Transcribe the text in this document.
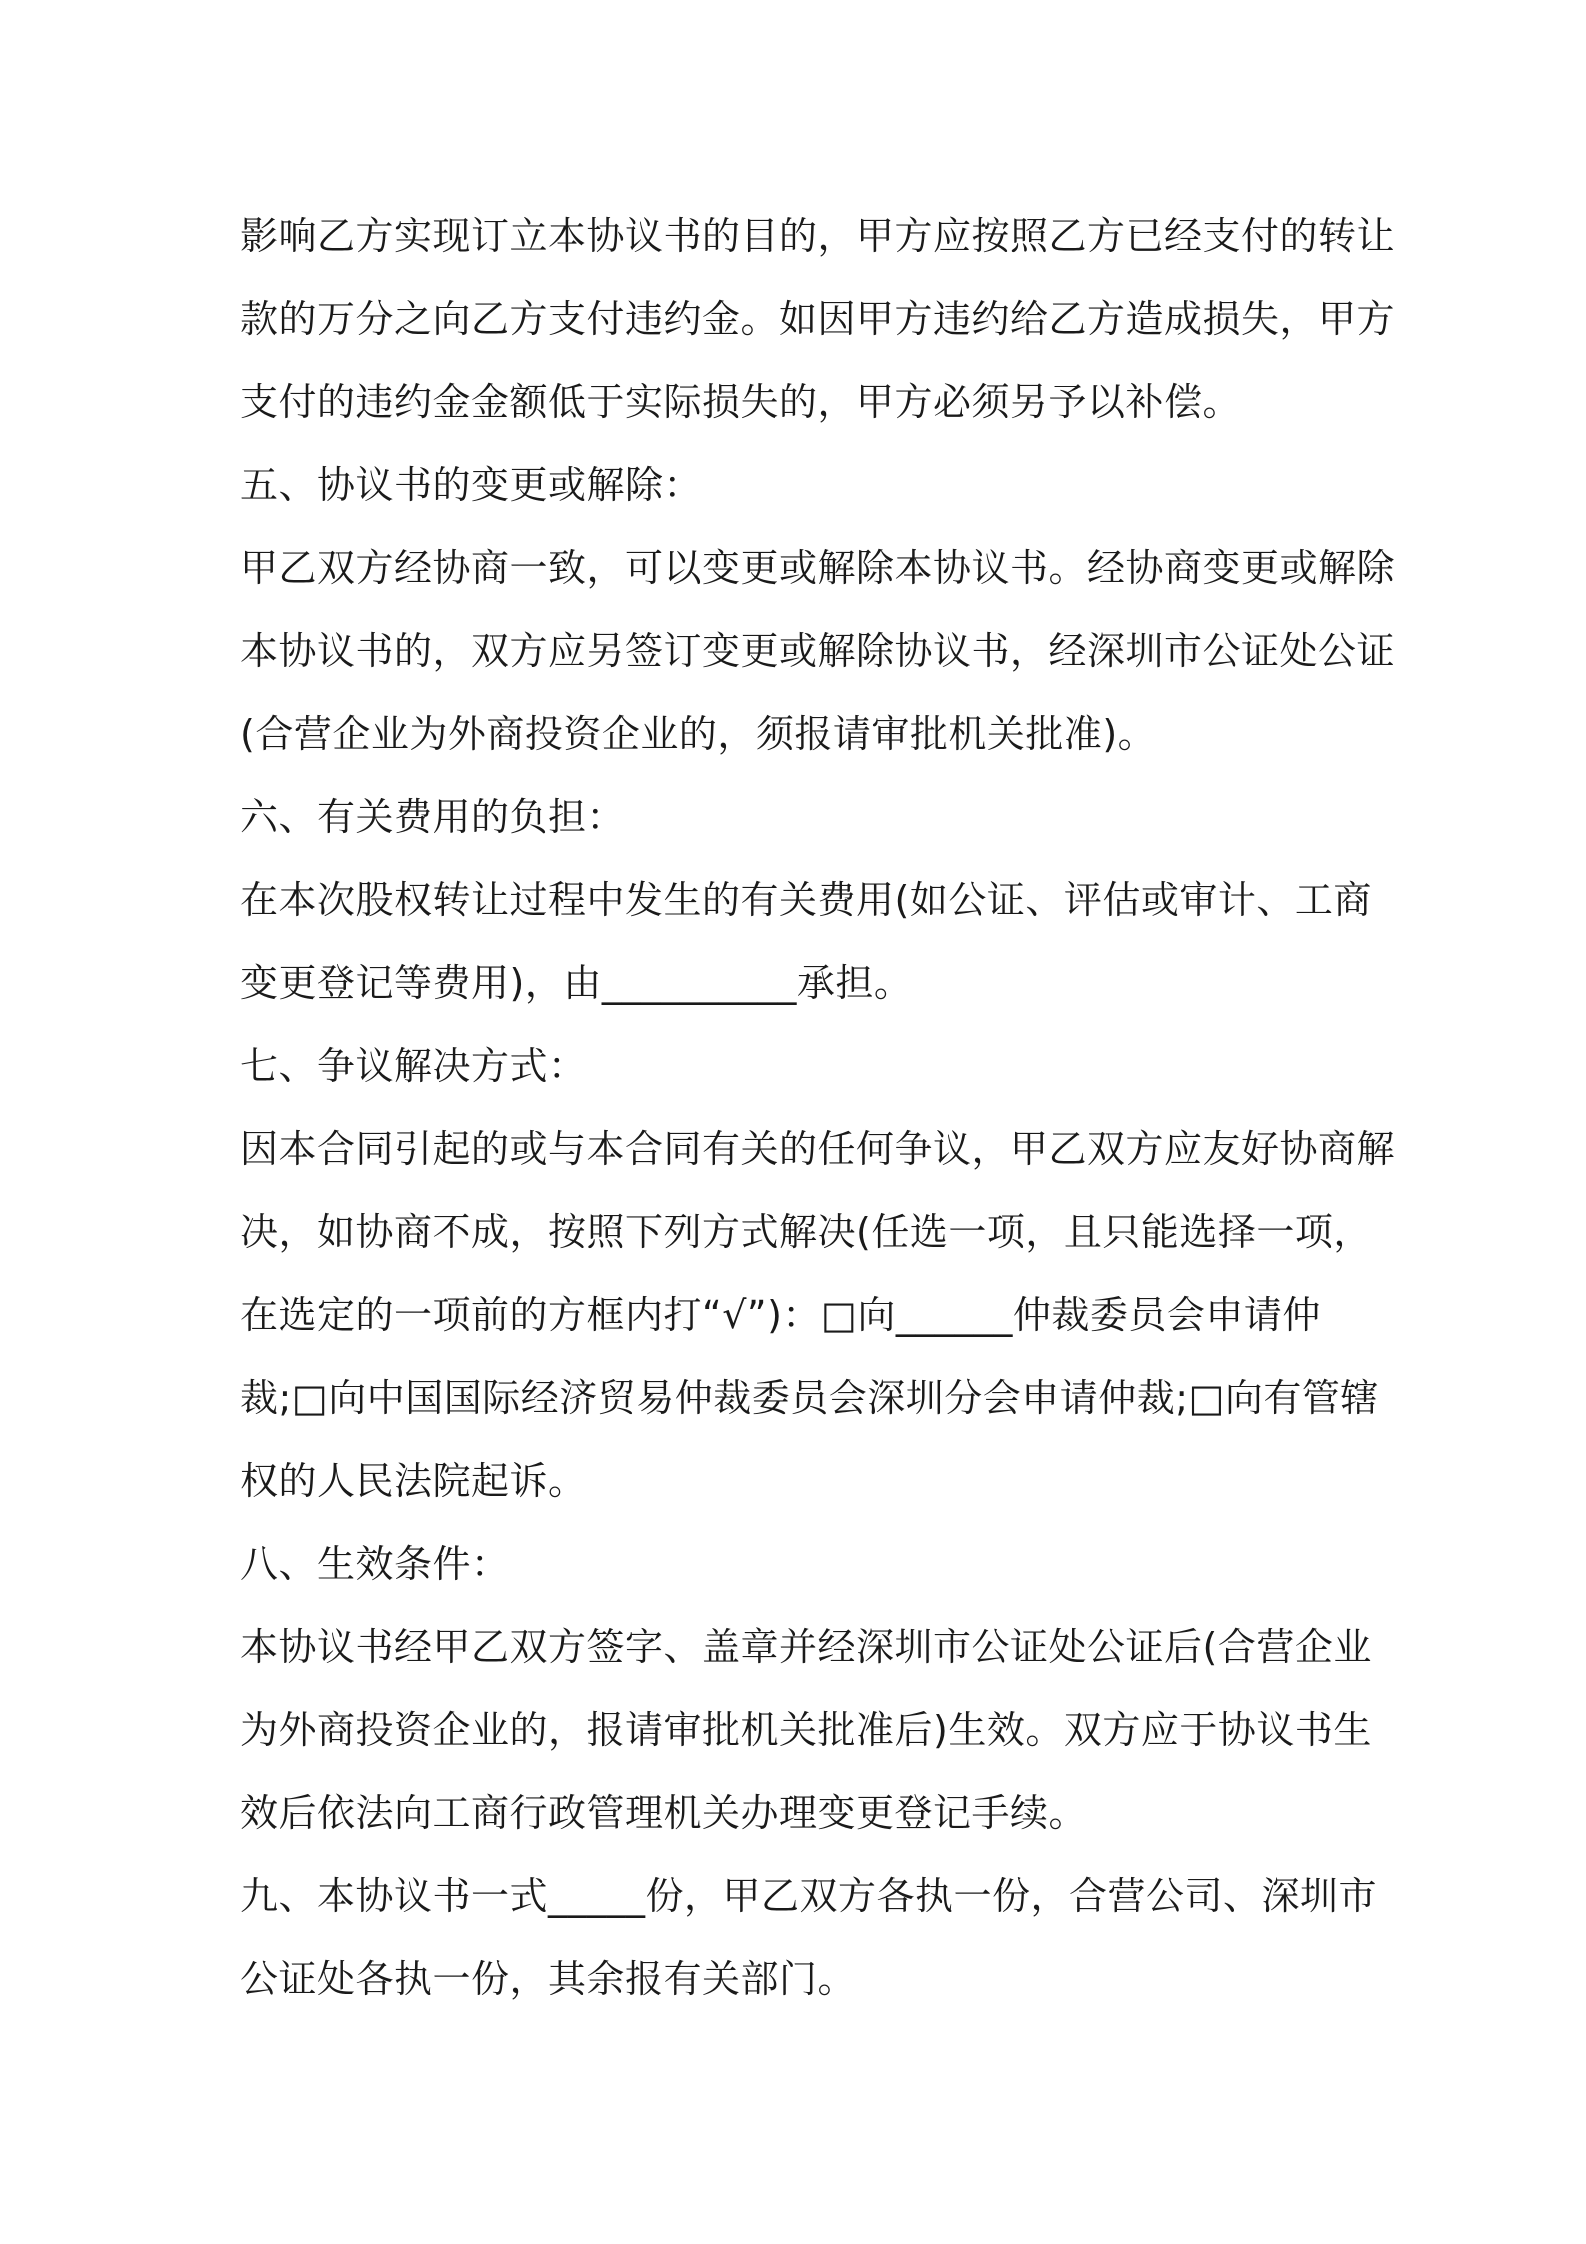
影响乙方实现订立本协议书的目的，甲方应按照乙方已经支付的转让
款的万分之向乙方支付违约金。如因甲方违约给乙方造成损失，甲方
支付的违约金金额低于实际损失的，甲方必须另予以补偿。
五、协议书的变更或解除：
甲乙双方经协商一致，可以变更或解除本协议书。经协商变更或解除
本协议书的，双方应另签订变更或解除协议书，经深圳市公证处公证
(合营企业为外商投资企业的，须报请审批机关批准)。
六、有关费用的负担：
在本次股权转让过程中发生的有关费用(如公证、评估或审计、工商
变更登记等费用)，由__________承担。
七、争议解决方式：
因本合同引起的或与本合同有关的任何争议，甲乙双方应友好协商解
决，如协商不成，按照下列方式解决(任选一项，且只能选择一项，
在选定的一项前的方框内打“√”)：□向______仲裁委员会申请仲
裁;□向中国国际经济贸易仲裁委员会深圳分会申请仲裁;□向有管辖
权的人民法院起诉。
八、生效条件：
本协议书经甲乙双方签字、盖章并经深圳市公证处公证后(合营企业
为外商投资企业的，报请审批机关批准后)生效。双方应于协议书生
效后依法向工商行政管理机关办理变更登记手续。
九、本协议书一式_____份，甲乙双方各执一份，合营公司、深圳市
公证处各执一份，其余报有关部门。
